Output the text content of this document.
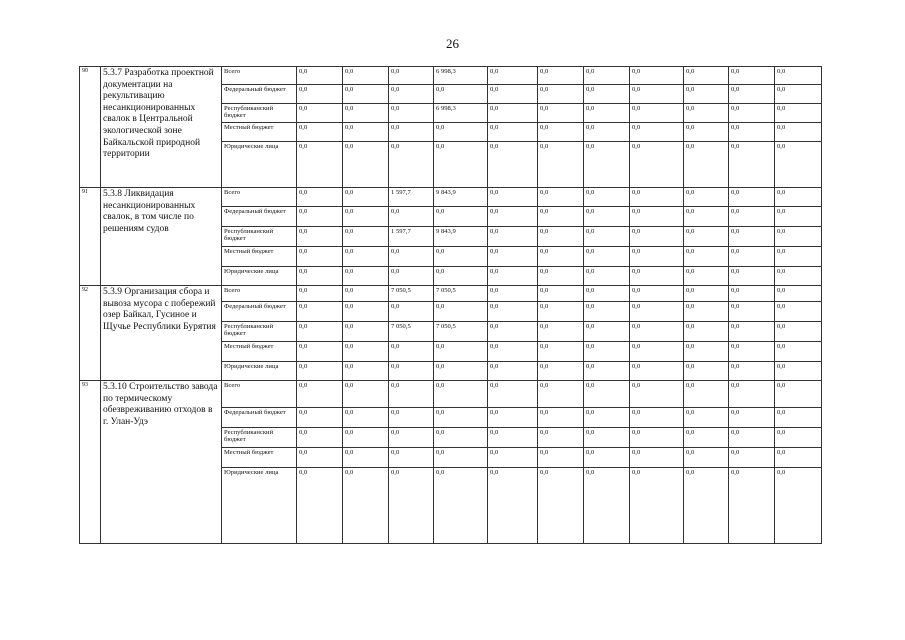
26
90	5.3.7 Разработка проектной документации на рекультивацию несанкционированных свалок в Центральной экологической зоне Байкальской природной территории	Всего	0,0	0,0	0,0	6 998,3	0,0	0,0	0,0	0,0	0,0	0,0	0,0
		Федеральный бюджет	0,0	0,0	0,0	0,0	0,0	0,0	0,0	0,0	0,0	0,0	0,0
		Республиканский бюджет	0,0	0,0	0,0	6 998,3	0,0	0,0	0,0	0,0	0,0	0,0	0,0
		Местный бюджет	0,0	0,0	0,0	0,0	0,0	0,0	0,0	0,0	0,0	0,0	0,0
		Юридические лица	0,0	0,0	0,0	0,0	0,0	0,0	0,0	0,0	0,0	0,0	0,0
91	5.3.8 Ликвидация несанкционированных свалок, в том числе по решениям судов	Всего	0,0	0,0	1 597,7	9 843,9	0,0	0,0	0,0	0,0	0,0	0,0	0,0
		Федеральный бюджет	0,0	0,0	0,0	0,0	0,0	0,0	0,0	0,0	0,0	0,0	0,0
		Республиканский бюджет	0,0	0,0	1 597,7	9 843,9	0,0	0,0	0,0	0,0	0,0	0,0	0,0
		Местный бюджет	0,0	0,0	0,0	0,0	0,0	0,0	0,0	0,0	0,0	0,0	0,0
		Юридические лица	0,0	0,0	0,0	0,0	0,0	0,0	0,0	0,0	0,0	0,0	0,0
92	5.3.9 Организация сбора и вывоза мусора с побережий озер Байкал, Гусиное и Щучье Республики Бурятия	Всего	0,0	0,0	7 050,5	7 050,5	0,0	0,0	0,0	0,0	0,0	0,0	0,0
		Федеральный бюджет	0,0	0,0	0,0	0,0	0,0	0,0	0,0	0,0	0,0	0,0	0,0
		Республиканский бюджет	0,0	0,0	7 050,5	7 050,5	0,0	0,0	0,0	0,0	0,0	0,0	0,0
		Местный бюджет	0,0	0,0	0,0	0,0	0,0	0,0	0,0	0,0	0,0	0,0	0,0
		Юридические лица	0,0	0,0	0,0	0,0	0,0	0,0	0,0	0,0	0,0	0,0	0,0
93	5.3.10 Строительство завода по термическому обезвреживанию отходов в г. Улан-Удэ	Всего	0,0	0,0	0,0	0,0	0,0	0,0	0,0	0,0	0,0	0,0	0,0
		Федеральный бюджет	0,0	0,0	0,0	0,0	0,0	0,0	0,0	0,0	0,0	0,0	0,0
		Республиканский бюджет	0,0	0,0	0,0	0,0	0,0	0,0	0,0	0,0	0,0	0,0	0,0
		Местный бюджет	0,0	0,0	0,0	0,0	0,0	0,0	0,0	0,0	0,0	0,0	0,0
		Юридические лица	0,0	0,0	0,0	0,0	0,0	0,0	0,0	0,0	0,0	0,0	0,0
